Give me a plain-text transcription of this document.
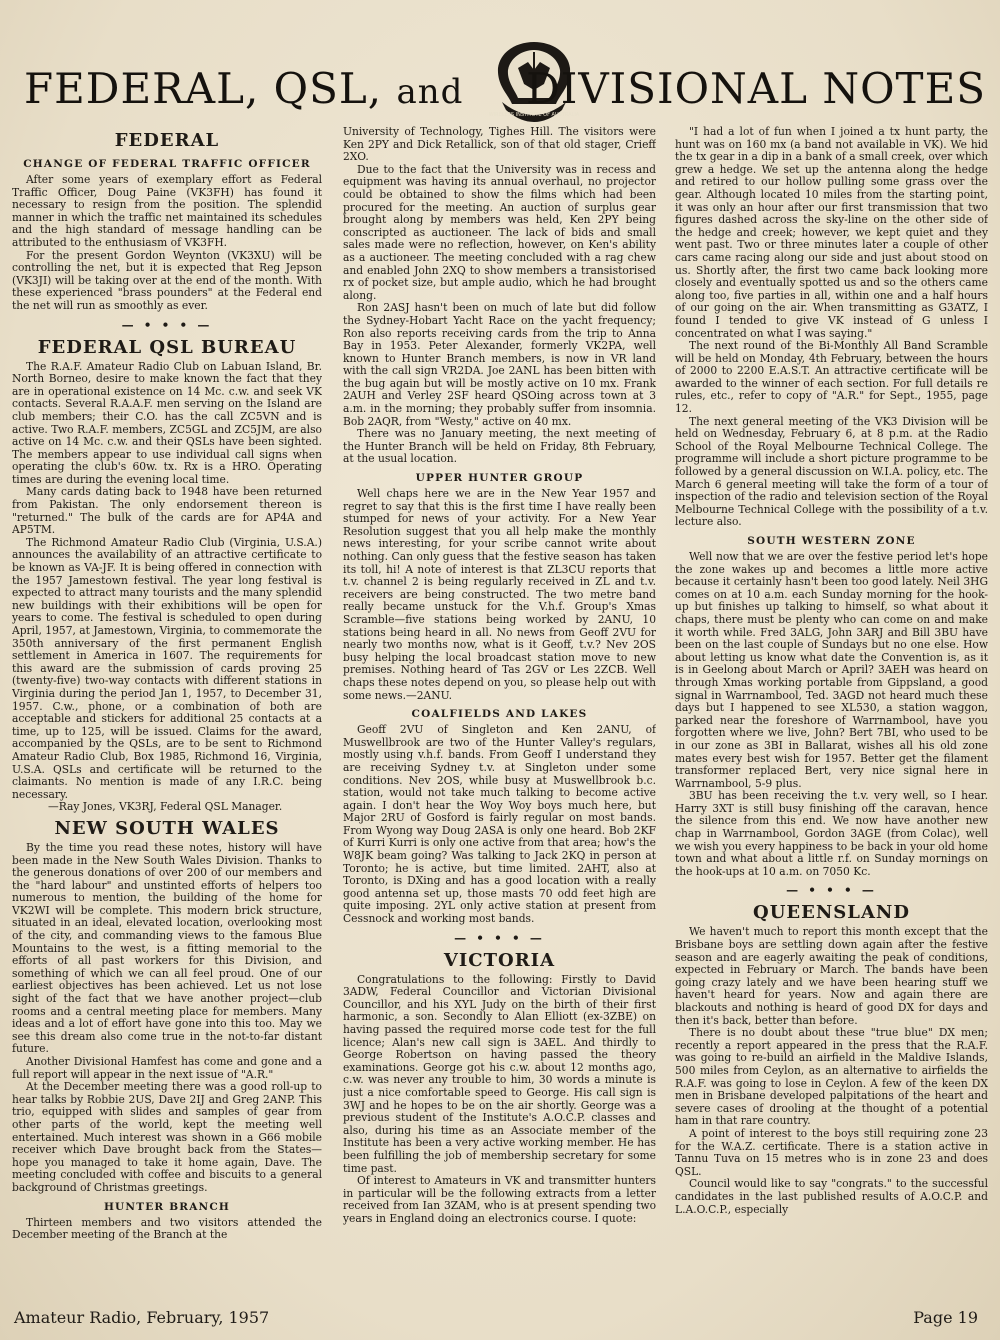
FEDERAL, QSL, and
WIRELESS INSTITUTE OF AUSTRALIA
DIVISIONAL NOTES
FEDERAL
CHANGE OF FEDERAL TRAFFIC OFFICER

After some years of exemplary effort as Federal Traffic Officer, Doug Paine (VK3FH) has found it necessary to resign from the position. The splendid manner in which the traffic net maintained its schedules and the high standard of message handling can be attributed to the enthusiasm of VK3FH.

For the present Gordon Weynton (VK3XU) will be controlling the net, but it is expected that Reg Jepson (VK3JI) will be taking over at the end of the month. With these experienced "brass pounders" at the Federal end the net will run as smoothly as ever.

— • • • —
FEDERAL QSL BUREAU

The R.A.F. Amateur Radio Club on Labuan Island, Br. North Borneo, desire to make known the fact that they are in operational existence on 14 Mc. c.w. and seek VK contacts. Several R.A.A.F. men serving on the Island are club members; their C.O. has the call ZC5VN and is active. Two R.A.F. members, ZC5GL and ZC5JM, are also active on 14 Mc. c.w. and their QSLs have been sighted. The members appear to use individual call signs when operating the club's 60w. tx. Rx is a HRO. Operating times are during the evening local time.

Many cards dating back to 1948 have been returned from Pakistan. The only endorsement thereon is "returned." The bulk of the cards are for AP4A and AP5TM.

The Richmond Amateur Radio Club (Virginia, U.S.A.) announces the availability of an attractive certificate to be known as VA-JF. It is being offered in connection with the 1957 Jamestown festival. The year long festival is expected to attract many tourists and the many splendid new buildings with their exhibitions will be open for years to come. The festival is scheduled to open during April, 1957, at Jamestown, Virginia, to commemorate the 350th anniversary of the first permanent English settlement in America in 1607. The requirements for this award are the submission of cards proving 25 (twenty-five) two-way contacts with different stations in Virginia during the period Jan 1, 1957, to December 31, 1957. C.w., phone, or a combination of both are acceptable and stickers for additional 25 contacts at a time, up to 125, will be issued. Claims for the award, accompanied by the QSLs, are to be sent to Richmond Amateur Radio Club, Box 1985, Richmond 16, Virginia, U.S.A. QSLs and certificate will be returned to the claimants. No mention is made of any I.R.C. being necessary.

—Ray Jones, VK3RJ, Federal QSL Manager.

NEW SOUTH WALES

By the time you read these notes, history will have been made in the New South Wales Division. Thanks to the generous donations of over 200 of our members and the "hard labour" and unstinted efforts of helpers too numerous to mention, the building of the home for VK2WI will be complete. This modern brick structure, situated in an ideal, elevated location, overlooking most of the city, and commanding views to the famous Blue Mountains to the west, is a fitting memorial to the efforts of all past workers for this Division, and something of which we can all feel proud. One of our earliest objectives has been achieved. Let us not lose sight of the fact that we have another project—club rooms and a central meeting place for members. Many ideas and a lot of effort have gone into this too. May we see this dream also come true in the not-to-far distant future.

Another Divisional Hamfest has come and gone and a full report will appear in the next issue of "A.R."

At the December meeting there was a good roll-up to hear talks by Robbie 2US, Dave 2IJ and Greg 2ANP. This trio, equipped with slides and samples of gear from other parts of the world, kept the meeting well entertained. Much interest was shown in a G66 mobile receiver which Dave brought back from the States—hope you managed to take it home again, Dave. The meeting concluded with coffee and biscuits to a general background of Christmas greetings.

HUNTER BRANCH

Thirteen members and two visitors attended the December meeting of the Branch at the

University of Technology, Tighes Hill. The visitors were Ken 2PY and Dick Retallick, son of that old stager, Crieff 2XO.

Due to the fact that the University was in recess and equipment was having its annual overhaul, no projector could be obtained to show the films which had been procured for the meeting. An auction of surplus gear brought along by members was held, Ken 2PY being conscripted as auctioneer. The lack of bids and small sales made were no reflection, however, on Ken's ability as a auctioneer. The meeting concluded with a rag chew and enabled John 2XQ to show members a transistorised rx of pocket size, but ample audio, which he had brought along.

Ron 2ASJ hasn't been on much of late but did follow the Sydney-Hobart Yacht Race on the yacht frequency; Ron also reports receiving cards from the trip to Anna Bay in 1953. Peter Alexander, formerly VK2PA, well known to Hunter Branch members, is now in VR land with the call sign VR2DA. Joe 2ANL has been bitten with the bug again but will be mostly active on 10 mx. Frank 2AUH and Verley 2SF heard QSOing across town at 3 a.m. in the morning; they probably suffer from insomnia. Bob 2AQR, from "Westy," active on 40 mx.

There was no January meeting, the next meeting of the Hunter Branch will be held on Friday, 8th February, at the usual location.

UPPER HUNTER GROUP

Well chaps here we are in the New Year 1957 and regret to say that this is the first time I have really been stumped for news of your activity. For a New Year Resolution suggest that you all help make the monthly news interesting, for your scribe cannot write about nothing. Can only guess that the festive season has taken its toll, hi! A note of interest is that ZL3CU reports that t.v. channel 2 is being regularly received in ZL and t.v. receivers are being constructed. The two metre band really became unstuck for the V.h.f. Group's Xmas Scramble—five stations being worked by 2ANU, 10 stations being heard in all. No news from Geoff 2VU for nearly two months now, what is it Geoff, t.v.? Nev 2OS busy helping the local broadcast station move to new premises. Nothing heard of Tas 2GV or Les 2ZCB. Well chaps these notes depend on you, so please help out with some news.—2ANU.

COALFIELDS AND LAKES

Geoff 2VU of Singleton and Ken 2ANU, of Muswellbrook are two of the Hunter Valley's regulars, mostly using v.h.f. bands. From Geoff I understand they are receiving Sydney t.v. at Singleton under some conditions. Nev 2OS, while busy at Muswellbrook b.c. station, would not take much talking to become active again. I don't hear the Woy Woy boys much here, but Major 2RU of Gosford is fairly regular on most bands. From Wyong way Doug 2ASA is only one heard. Bob 2KF of Kurri Kurri is only one active from that area; how's the W8JK beam going? Was talking to Jack 2KQ in person at Toronto; he is active, but time limited. 2AHT, also at Toronto, is DXing and has a good location with a really good antenna set up, those masts 70 odd feet high are quite imposing. 2YL only active station at present from Cessnock and working most bands.

— • • • —
VICTORIA

Congratulations to the following: Firstly to David 3ADW, Federal Councillor and Victorian Divisional Councillor, and his XYL Judy on the birth of their first harmonic, a son. Secondly to Alan Elliott (ex-3ZBE) on having passed the required morse code test for the full licence; Alan's new call sign is 3AEL. And thirdly to George Robertson on having passed the theory examinations. George got his c.w. about 12 months ago, c.w. was never any trouble to him, 30 words a minute is just a nice comfortable speed to George. His call sign is 3WJ and he hopes to be on the air shortly. George was a previous student of the Institute's A.O.C.P. classes and also, during his time as an Associate member of the Institute has been a very active working member. He has been fulfilling the job of membership secretary for some time past.

Of interest to Amateurs in VK and transmitter hunters in particular will be the following extracts from a letter received from Ian 3ZAM, who is at present spending two years in England doing an electronics course. I quote:

"I had a lot of fun when I joined a tx hunt party, the hunt was on 160 mx (a band not available in VK). We hid the tx gear in a dip in a bank of a small creek, over which grew a hedge. We set up the antenna along the hedge and retired to our hollow pulling some grass over the gear. Although located 10 miles from the starting point, it was only an hour after our first transmission that two figures dashed across the sky-line on the other side of the hedge and creek; however, we kept quiet and they went past. Two or three minutes later a couple of other cars came racing along our side and just about stood on us. Shortly after, the first two came back looking more closely and eventually spotted us and so the others came along too, five parties in all, within one and a half hours of our going on the air. When transmitting as G3ATZ, I found I tended to give VK instead of G unless I concentrated on what I was saying."

The next round of the Bi-Monthly All Band Scramble will be held on Monday, 4th February, between the hours of 2000 to 2200 E.A.S.T. An attractive certificate will be awarded to the winner of each section. For full details re rules, etc., refer to copy of "A.R." for Sept., 1955, page 12.

The next general meeting of the VK3 Division will be held on Wednesday, February 6, at 8 p.m. at the Radio School of the Royal Melbourne Technical College. The programme will include a short picture programme to be followed by a general discussion on W.I.A. policy, etc. The March 6 general meeting will take the form of a tour of inspection of the radio and television section of the Royal Melbourne Technical College with the possibility of a t.v. lecture also.

SOUTH WESTERN ZONE

Well now that we are over the festive period let's hope the zone wakes up and becomes a little more active because it certainly hasn't been too good lately. Neil 3HG comes on at 10 a.m. each Sunday morning for the hook-up but finishes up talking to himself, so what about it chaps, there must be plenty who can come on and make it worth while. Fred 3ALG, John 3ARJ and Bill 3BU have been on the last couple of Sundays but no one else. How about letting us know what date the Convention is, as it is in Geelong about March or April? 3AEH was heard on through Xmas working portable from Gippsland, a good signal in Warrnambool, Ted. 3AGD not heard much these days but I happened to see XL530, a station waggon, parked near the foreshore of Warrnambool, have you forgotten where we live, John? Bert 7BI, who used to be in our zone as 3BI in Ballarat, wishes all his old zone mates every best wish for 1957. Better get the filament transformer replaced Bert, very nice signal here in Warrnambool, 5-9 plus.

3BU has been receiving the t.v. very well, so I hear. Harry 3XT is still busy finishing off the caravan, hence the silence from this end. We now have another new chap in Warrnambool, Gordon 3AGE (from Colac), well we wish you every happiness to be back in your old home town and what about a little r.f. on Sunday mornings on the hook-ups at 10 a.m. on 7050 Kc.

— • • • —
QUEENSLAND

We haven't much to report this month except that the Brisbane boys are settling down again after the festive season and are eagerly awaiting the peak of conditions, expected in February or March. The bands have been going crazy lately and we have been hearing stuff we haven't heard for years. Now and again there are blackouts and nothing is heard of good DX for days and then it's back, better than before.

There is no doubt about these "true blue" DX men; recently a report appeared in the press that the R.A.F. was going to re-build an airfield in the Maldive Islands, 500 miles from Ceylon, as an alternative to airfields the R.A.F. was going to lose in Ceylon. A few of the keen DX men in Brisbane developed palpitations of the heart and severe cases of drooling at the thought of a potential ham in that rare country.

A point of interest to the boys still requiring zone 23 for the W.A.Z. certificate. There is a station active in Tannu Tuva on 15 metres who is in zone 23 and does QSL.

Council would like to say "congrats." to the successful candidates in the last published results of A.O.C.P. and L.A.O.C.P., especially

Amateur Radio, February, 1957	Page 19
